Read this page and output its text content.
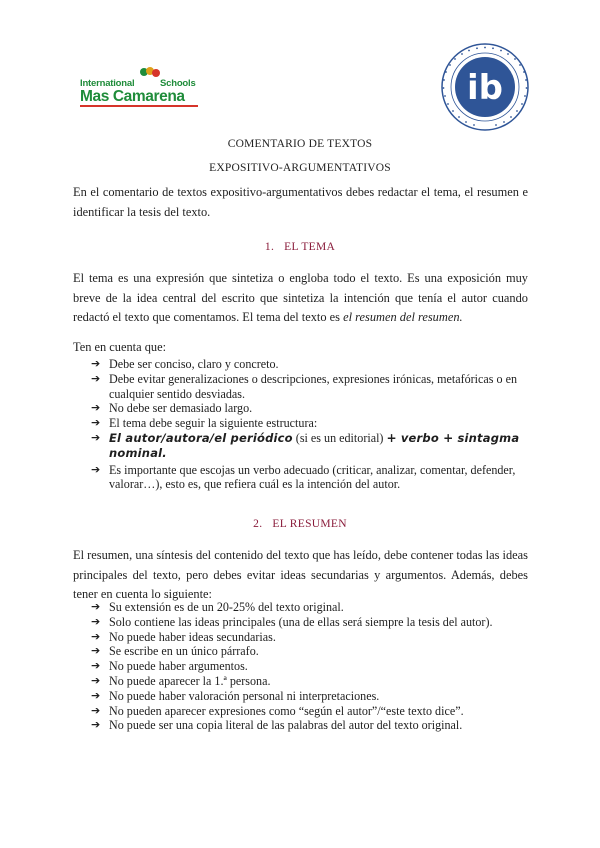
International	Schools
Mas Camarena	ib
COMENTARIO DE TEXTOS
EXPOSITIVO-ARGUMENTATIVOS

En el comentario de textos expositivo-argumentativos debes redactar el tema, el resumen e identificar la tesis del texto.

1. EL TEMA

El tema es una expresión que sintetiza o engloba todo el texto. Es una exposición muy breve de la idea central del escrito que sintetiza la intención que tenía el autor cuando redactó el texto que comentamos. El tema del texto es el resumen del resumen.

Ten en cuenta que:
➔ Debe ser conciso, claro y concreto.
➔ Debe evitar generalizaciones o descripciones, expresiones irónicas, metafóricas o en cualquier sentido desviadas.
➔ No debe ser demasiado largo.
➔ El tema debe seguir la siguiente estructura:
➔ El autor/autora/el periódico (si es un editorial) + verbo + sintagma nominal.
➔ Es importante que escojas un verbo adecuado (criticar, analizar, comentar, defender, valorar…), esto es, que refiera cuál es la intención del autor.
2. EL RESUMEN

El resumen, una síntesis del contenido del texto que has leído, debe contener todas las ideas principales del texto, pero debes evitar ideas secundarias y argumentos. Además, debes tener en cuenta lo siguiente:

➔ Su extensión es de un 20-25% del texto original.
➔ Solo contiene las ideas principales (una de ellas será siempre la tesis del autor).
➔ No puede haber ideas secundarias.
➔ Se escribe en un único párrafo.
➔ No puede haber argumentos.
➔ No puede aparecer la 1.ª persona.
➔ No puede haber valoración personal ni interpretaciones.
➔ No pueden aparecer expresiones como “según el autor”/“este texto dice”.
➔ No puede ser una copia literal de las palabras del autor del texto original.
